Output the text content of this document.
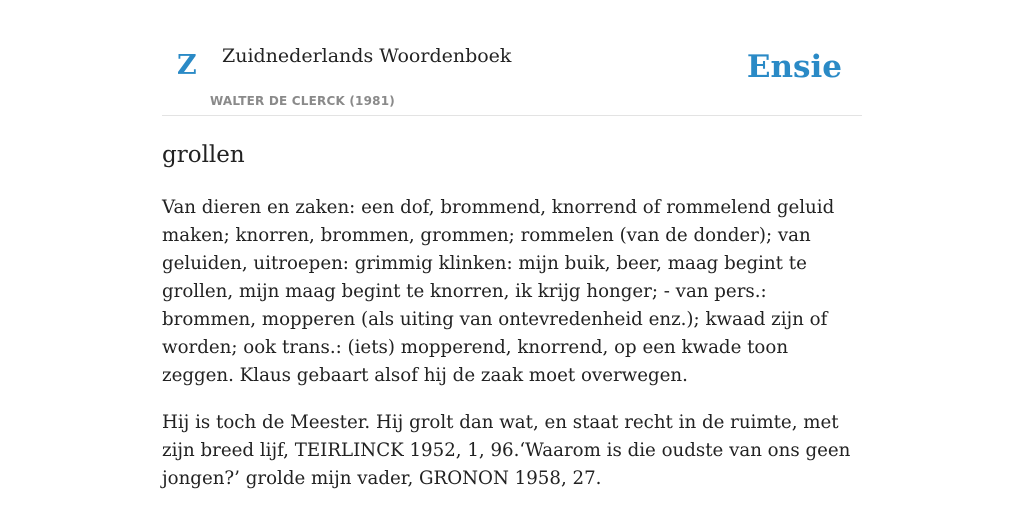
Z Zuidnederlands Woordenboek
WALTER DE CLERCK (1981)
Ensie
grollen

Van dieren en zaken: een dof, brommend, knorrend of rommelend geluid maken; knorren, brommen, grommen; rommelen (van de donder); van geluiden, uitroepen: grimmig klinken: mijn buik, beer, maag begint te grollen, mijn maag begint te knorren, ik krijg honger; - van pers.: brommen, mopperen (als uiting van ontevredenheid enz.); kwaad zijn of worden; ook trans.: (iets) mopperend, knorrend, op een kwade toon zeggen. Klaus gebaart alsof hij de zaak moet overwegen.

Hij is toch de Meester. Hij grolt dan wat, en staat recht in de ruimte, met zijn breed lijf, TEIRLINCK 1952, 1, 96.‘Waarom is die oudste van ons geen jongen?’ grolde mijn vader, GRONON 1958, 27.
